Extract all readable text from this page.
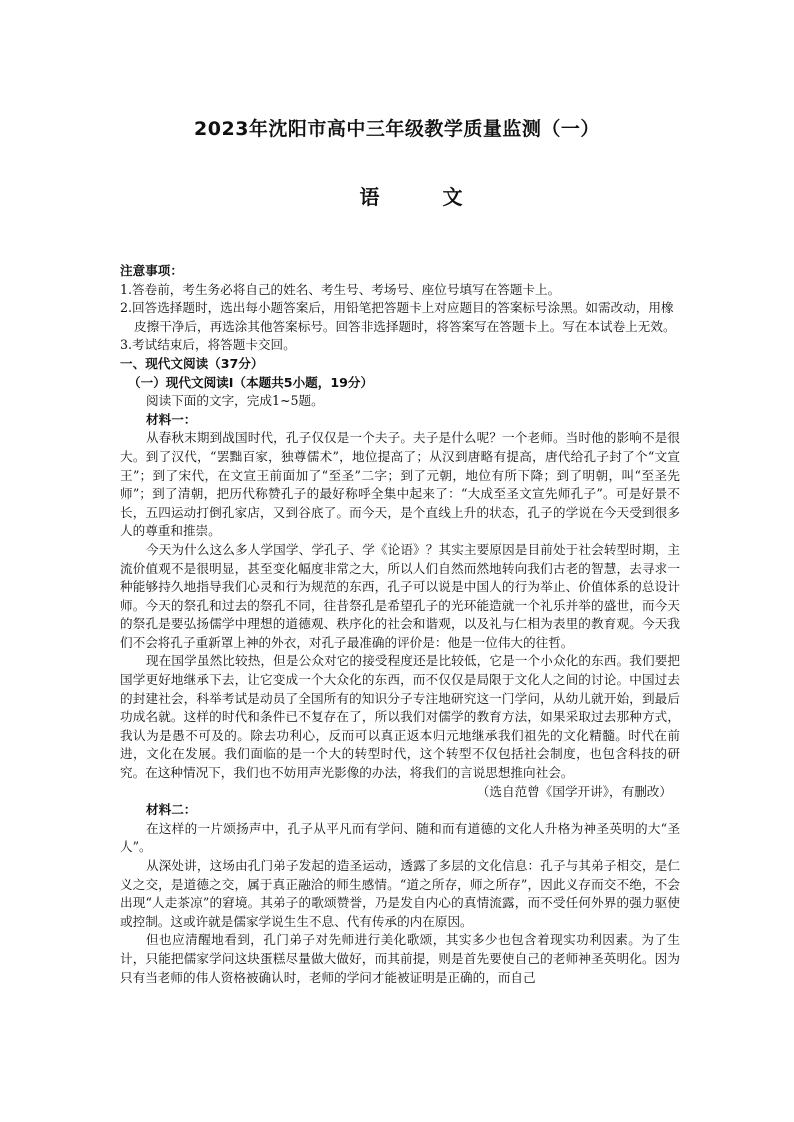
2023年沈阳市高中三年级教学质量监测（一）
语 文

注意事项：

1.答卷前，考生务必将自己的姓名、考生号、考场号、座位号填写在答题卡上。

2.回答选择题时，选出每小题答案后，用铅笔把答题卡上对应题目的答案标号涂黑。如需改动，用橡皮擦干净后，再选涂其他答案标号。回答非选择题时，将答案写在答题卡上。写在本试卷上无效。

3.考试结束后，将答题卡交回。

一、现代文阅读（37分）

（一）现代文阅读Ⅰ（本题共5小题，19分）

阅读下面的文字，完成1~5题。

材料一：

从春秋末期到战国时代，孔子仅仅是一个夫子。夫子是什么呢？一个老师。当时他的影响不是很大。到了汉代，“罢黜百家，独尊儒术”，地位提高了；从汉到唐略有提高，唐代给孔子封了个“文宣王”；到了宋代，在文宣王前面加了“至圣”二字；到了元朝，地位有所下降；到了明朝，叫“至圣先师”；到了清朝，把历代称赞孔子的最好称呼全集中起来了：“大成至圣文宣先师孔子”。可是好景不长，五四运动打倒孔家店，又到谷底了。而今天，是个直线上升的状态，孔子的学说在今天受到很多人的尊重和推崇。

今天为什么这么多人学国学、学孔子、学《论语》？其实主要原因是目前处于社会转型时期，主流价值观不是很明显，甚至变化幅度非常之大，所以人们自然而然地转向我们古老的智慧，去寻求一种能够持久地指导我们心灵和行为规范的东西，孔子可以说是中国人的行为举止、价值体系的总设计师。今天的祭孔和过去的祭孔不同，往昔祭孔是希望孔子的光环能造就一个礼乐并举的盛世，而今天的祭孔是要弘扬儒学中理想的道德观、秩序化的社会和谐观，以及礼与仁相为表里的教育观。今天我们不会将孔子重新罩上神的外衣，对孔子最准确的评价是：他是一位伟大的往哲。

现在国学虽然比较热，但是公众对它的接受程度还是比较低，它是一个小众化的东西。我们要把国学更好地继承下去，让它变成一个大众化的东西，而不仅仅是局限于文化人之间的讨论。中国过去的封建社会，科举考试是动员了全国所有的知识分子专注地研究这一门学问，从幼儿就开始，到最后功成名就。这样的时代和条件已不复存在了，所以我们对儒学的教育方法，如果采取过去那种方式，我认为是愚不可及的。除去功利心，反而可以真正返本归元地继承我们祖先的文化精髓。时代在前进，文化在发展。我们面临的是一个大的转型时代，这个转型不仅包括社会制度，也包含科技的研究。在这种情况下，我们也不妨用声光影像的办法，将我们的言说思想推向社会。

（选自范曾《国学开讲》，有删改）

材料二：

在这样的一片颂扬声中，孔子从平凡而有学问、随和而有道德的文化人升格为神圣英明的大“圣人”。

从深处讲，这场由孔门弟子发起的造圣运动，透露了多层的文化信息：孔子与其弟子相交，是仁义之交，是道德之交，属于真正融洽的师生感情。“道之所存，师之所存”，因此义存而交不绝，不会出现“人走茶凉”的窘境。其弟子的歌颂赞誉，乃是发自内心的真情流露，而不受任何外界的强力驱使或控制。这或许就是儒家学说生生不息、代有传承的内在原因。

但也应清醒地看到，孔门弟子对先师进行美化歌颂，其实多少也包含着现实功利因素。为了生计，只能把儒家学问这块蛋糕尽量做大做好，而其前提，则是首先要使自己的老师神圣英明化。因为只有当老师的伟人资格被确认时，老师的学问才能被证明是正确的，而自己
